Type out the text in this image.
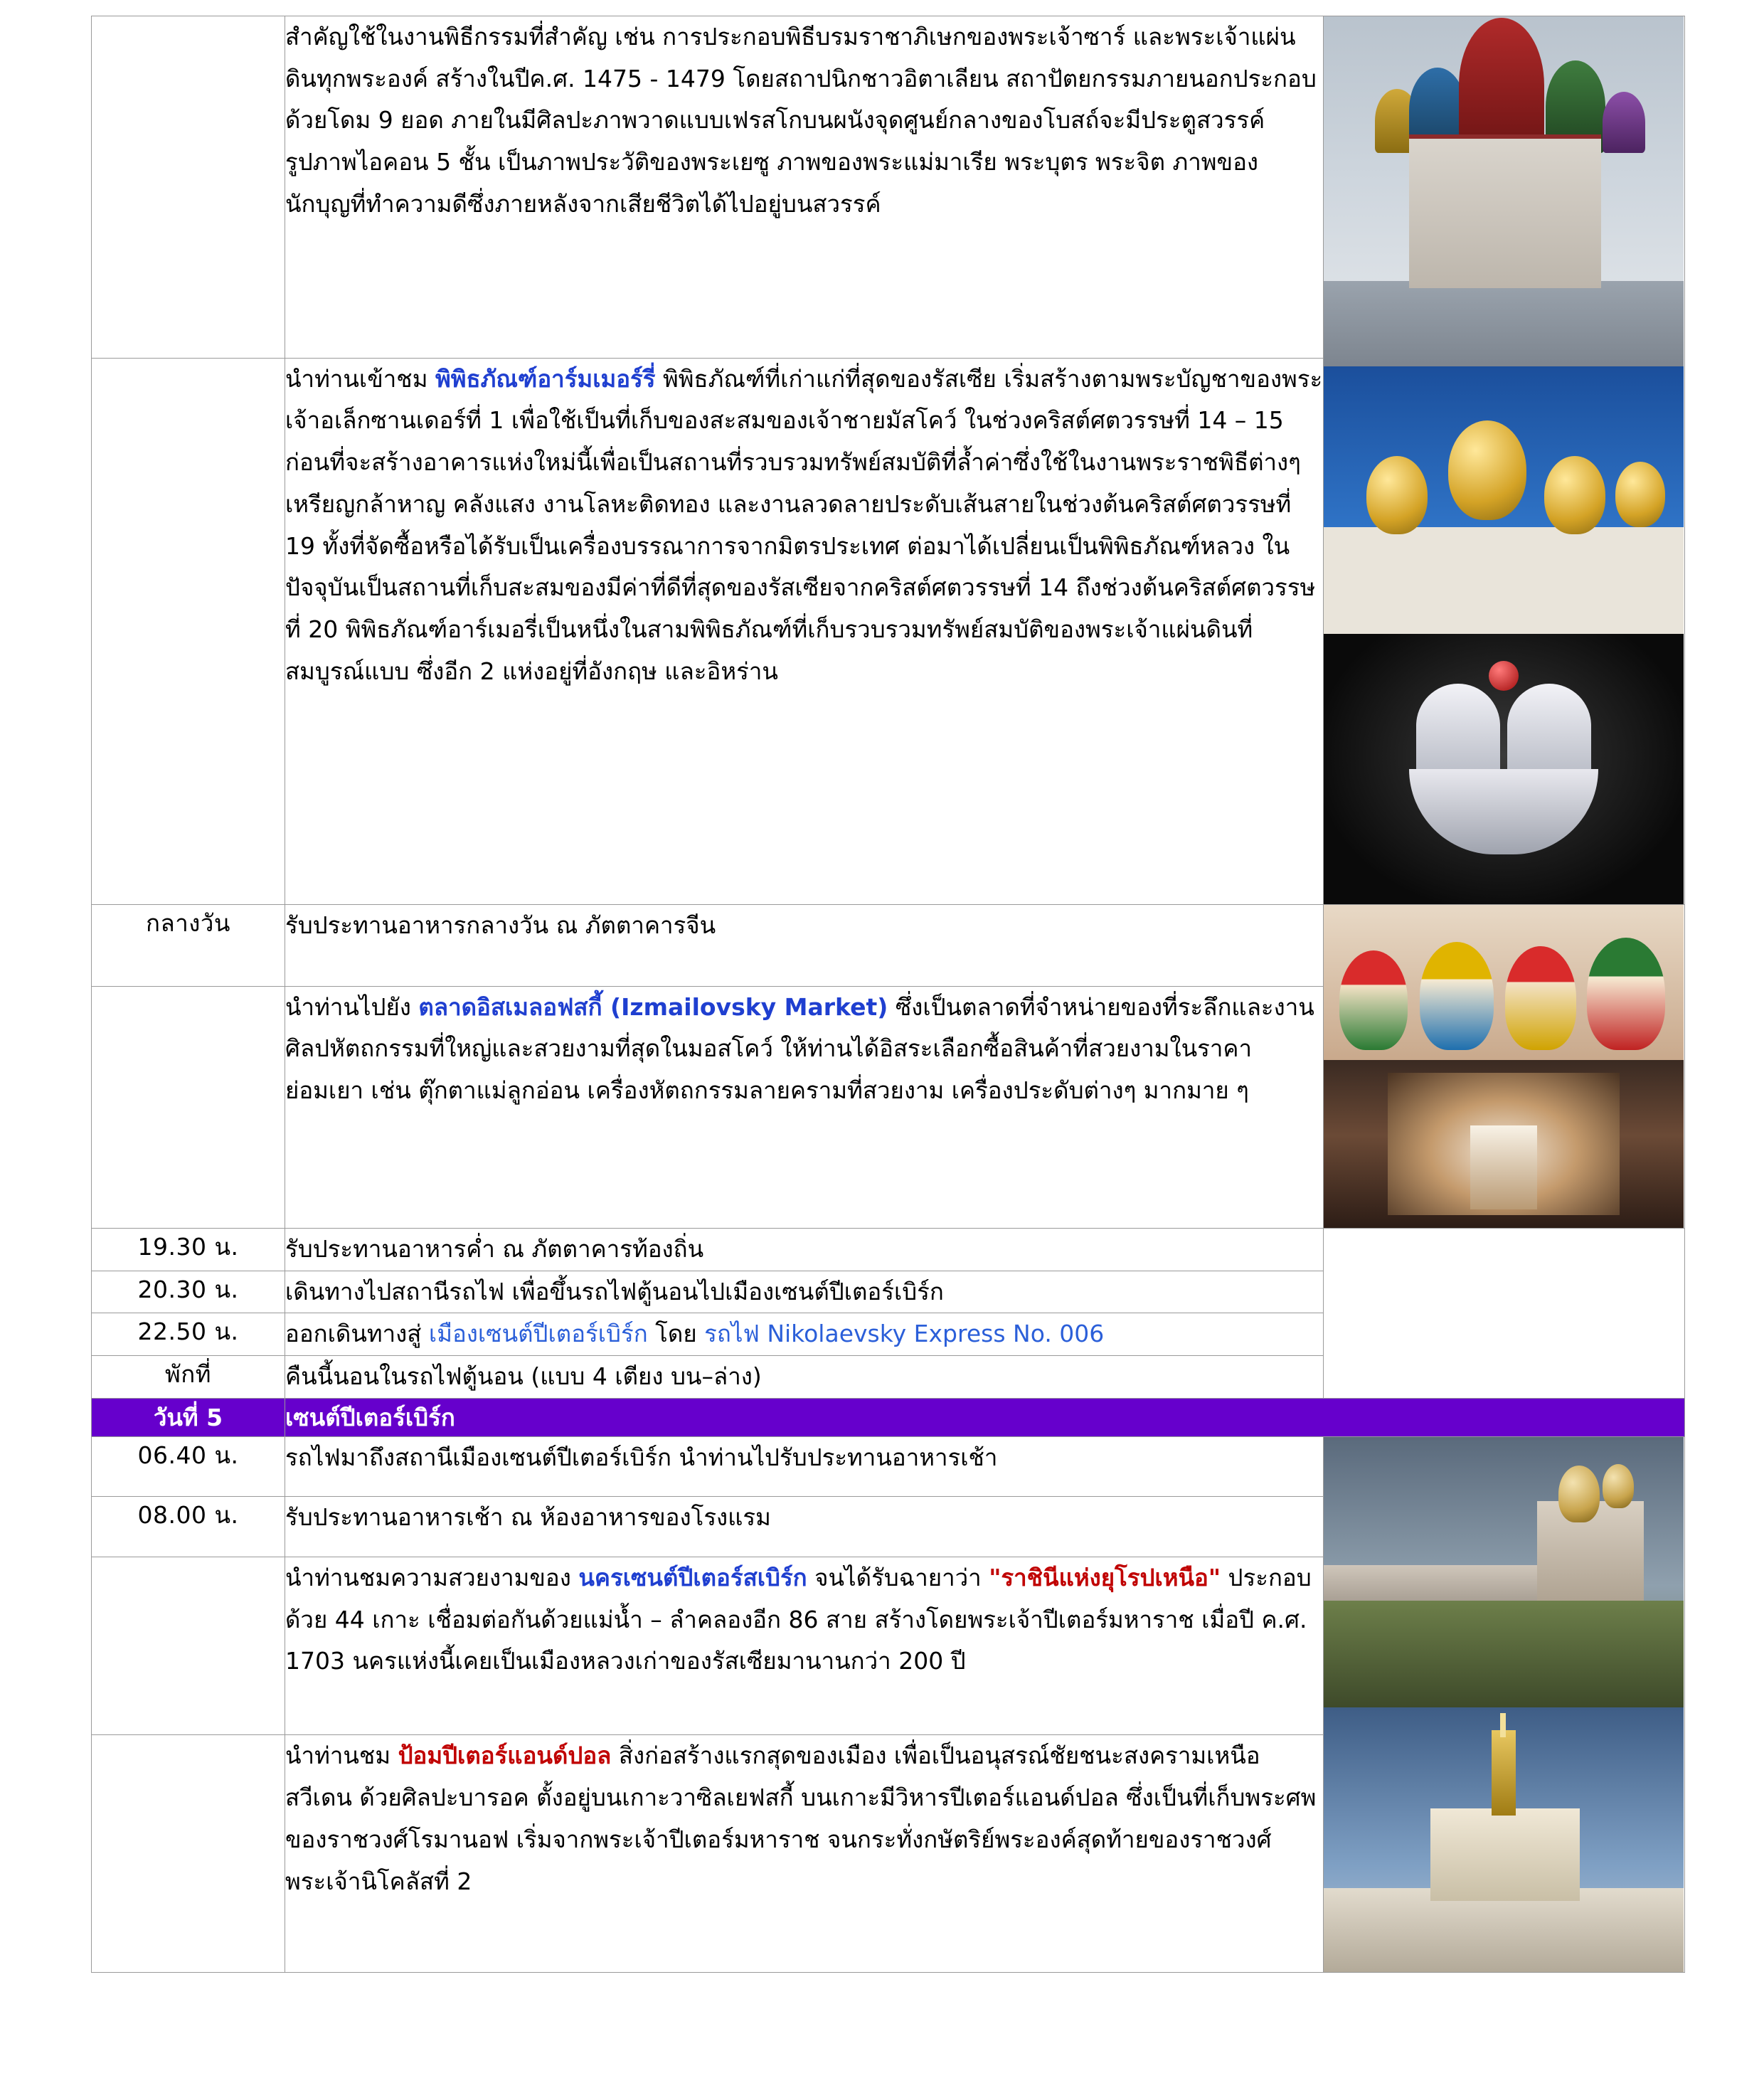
	สำคัญใช้ในงานพิธีกรรมที่สำคัญ เช่น การประกอบพิธีบรมราชาภิเษกของพระเจ้าซาร์ และพระเจ้าแผ่นดินทุกพระองค์ สร้างในปีค.ศ. 1475 - 1479 โดยสถาปนิกชาวอิตาเลียน สถาปัตยกรรมภายนอกประกอบด้วยโดม 9 ยอด ภายในมีศิลปะภาพวาดแบบเฟรสโกบนผนังจุดศูนย์กลางของโบสถ์จะมีประตูสวรรค์ รูปภาพไอคอน 5 ชั้น เป็นภาพประวัติของพระเยซู ภาพของพระแม่มาเรีย พระบุตร พระจิต ภาพของนักบุญที่ทำความดีซึ่งภายหลังจากเสียชีวิตได้ไปอยู่บนสวรรค์	

	นำท่านเข้าชม พิพิธภัณฑ์อาร์มเมอร์รี่ พิพิธภัณฑ์ที่เก่าแก่ที่สุดของรัสเซีย เริ่มสร้างตามพระบัญชาของพระเจ้าอเล็กซานเดอร์ที่ 1 เพื่อใช้เป็นที่เก็บของสะสมของเจ้าชายมัสโคว์ ในช่วงคริสต์ศตวรรษที่ 14 – 15 ก่อนที่จะสร้างอาคารแห่งใหม่นี้เพื่อเป็นสถานที่รวบรวมทรัพย์สมบัติที่ล้ำค่าซึ่งใช้ในงานพระราชพิธีต่างๆ เหรียญกล้าหาญ คลังแสง งานโลหะติดทอง และงานลวดลายประดับเส้นสายในช่วงต้นคริสต์ศตวรรษที่ 19 ทั้งที่จัดซื้อหรือได้รับเป็นเครื่องบรรณาการจากมิตรประเทศ ต่อมาได้เปลี่ยนเป็นพิพิธภัณฑ์หลวง ในปัจจุบันเป็นสถานที่เก็บสะสมของมีค่าที่ดีที่สุดของรัสเซียจากคริสต์ศตวรรษที่ 14 ถึงช่วงต้นคริสต์ศตวรรษที่ 20 พิพิธภัณฑ์อาร์เมอรี่เป็นหนึ่งในสามพิพิธภัณฑ์ที่เก็บรวบรวมทรัพย์สมบัติของพระเจ้าแผ่นดินที่สมบูรณ์แบบ ซึ่งอีก 2 แห่งอยู่ที่อังกฤษ และอิหร่าน	
กลางวัน	รับประทานอาหารกลางวัน ณ ภัตตาคารจีน	

	นำท่านไปยัง ตลาดอิสเมลอฟสกี้ (Izmailovsky Market) ซึ่งเป็นตลาดที่จำหน่ายของที่ระลึกและงานศิลปหัตถกรรมที่ใหญ่และสวยงามที่สุดในมอสโคว์ ให้ท่านได้อิสระเลือกซื้อสินค้าที่สวยงามในราคาย่อมเยา เช่น ตุ๊กตาแม่ลูกอ่อน เครื่องหัตถกรรมลายครามที่สวยงาม เครื่องประดับต่างๆ มากมาย ๆ	
19.30 น.	รับประทานอาหารค่ำ ณ ภัตตาคารท้องถิ่น	
20.30 น.	เดินทางไปสถานีรถไฟ เพื่อขึ้นรถไฟตู้นอนไปเมืองเซนต์ปีเตอร์เบิร์ก	
22.50 น.	ออกเดินทางสู่ เมืองเซนต์ปีเตอร์เบิร์ก โดย รถไฟ Nikolaevsky Express No. 006	
พักที่	คืนนี้นอนในรถไฟตู้นอน (แบบ 4 เตียง บน–ล่าง)	
วันที่ 5	เซนต์ปีเตอร์เบิร์ก	
06.40 น.	รถไฟมาถึงสถานีเมืองเซนต์ปีเตอร์เบิร์ก นำท่านไปรับประทานอาหารเช้า	

08.00 น.	รับประทานอาหารเช้า ณ ห้องอาหารของโรงแรม	
	นำท่านชมความสวยงามของ นครเซนต์ปีเตอร์สเบิร์ก จนได้รับฉายาว่า "ราชินีแห่งยุโรปเหนือ" ประกอบด้วย 44 เกาะ เชื่อมต่อกันด้วยแม่น้ำ – ลำคลองอีก 86 สาย สร้างโดยพระเจ้าปีเตอร์มหาราช เมื่อปี ค.ศ. 1703 นครแห่งนี้เคยเป็นเมืองหลวงเก่าของรัสเซียมานานกว่า 200 ปี	
	นำท่านชม ป้อมปีเตอร์แอนด์ปอล สิ่งก่อสร้างแรกสุดของเมือง เพื่อเป็นอนุสรณ์ชัยชนะสงครามเหนือสวีเดน ด้วยศิลปะบารอค ตั้งอยู่บนเกาะวาซิลเยฟสกี้ บนเกาะมีวิหารปีเตอร์แอนด์ปอล ซึ่งเป็นที่เก็บพระศพของราชวงศ์โรมานอฟ เริ่มจากพระเจ้าปีเตอร์มหาราช จนกระทั่งกษัตริย์พระองค์สุดท้ายของราชวงศ์ พระเจ้านิโคลัสที่ 2	
